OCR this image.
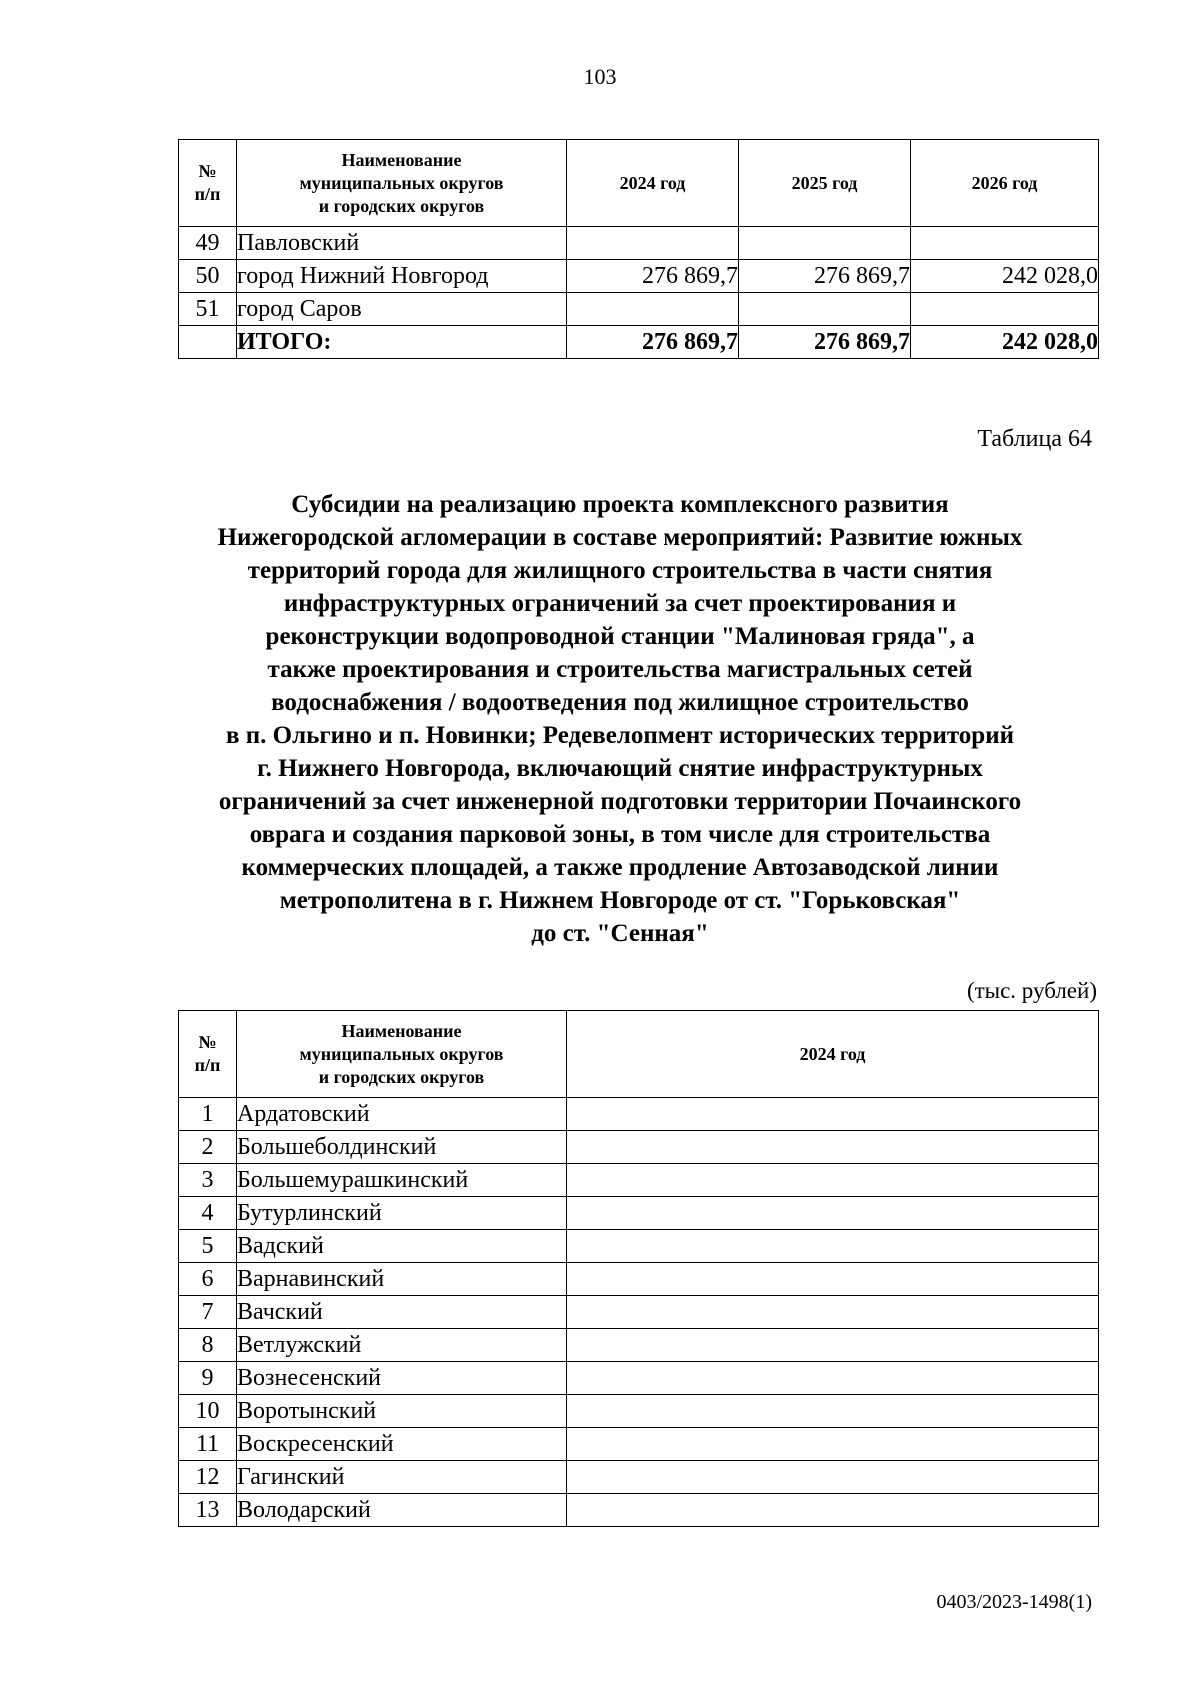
103
№
п/п	Наименование
муниципальных округов
и городских округов	2024 год	2025 год	2026 год
49	Павловский			
50	город Нижний Новгород	276 869,7	276 869,7	242 028,0
51	город Саров			
	ИТОГО:	276 869,7	276 869,7	242 028,0
Таблица 64
Субсидии на реализацию проекта комплексного развития
Нижегородской агломерации в составе мероприятий: Развитие южных
территорий города для жилищного строительства в части снятия
инфраструктурных ограничений за счет проектирования и
реконструкции водопроводной станции "Малиновая гряда", а
также проектирования и строительства магистральных сетей
водоснабжения / водоотведения под жилищное строительство
в п. Ольгино и п. Новинки; Редевелопмент исторических территорий
г. Нижнего Новгорода, включающий снятие инфраструктурных
ограничений за счет инженерной подготовки территории Почаинского
оврага и создания парковой зоны, в том числе для строительства
коммерческих площадей, а также продление Автозаводской линии
метрополитена в г. Нижнем Новгороде от ст. "Горьковская"
до ст. "Сенная"
(тыс. рублей)
№
п/п	Наименование
муниципальных округов
и городских округов	2024 год
1	Ардатовский	
2	Большеболдинский	
3	Большемурашкинский	
4	Бутурлинский	
5	Вадский	
6	Варнавинский	
7	Вачский	
8	Ветлужский	
9	Вознесенский	
10	Воротынский	
11	Воскресенский	
12	Гагинский	
13	Володарский	
0403/2023-1498(1)
